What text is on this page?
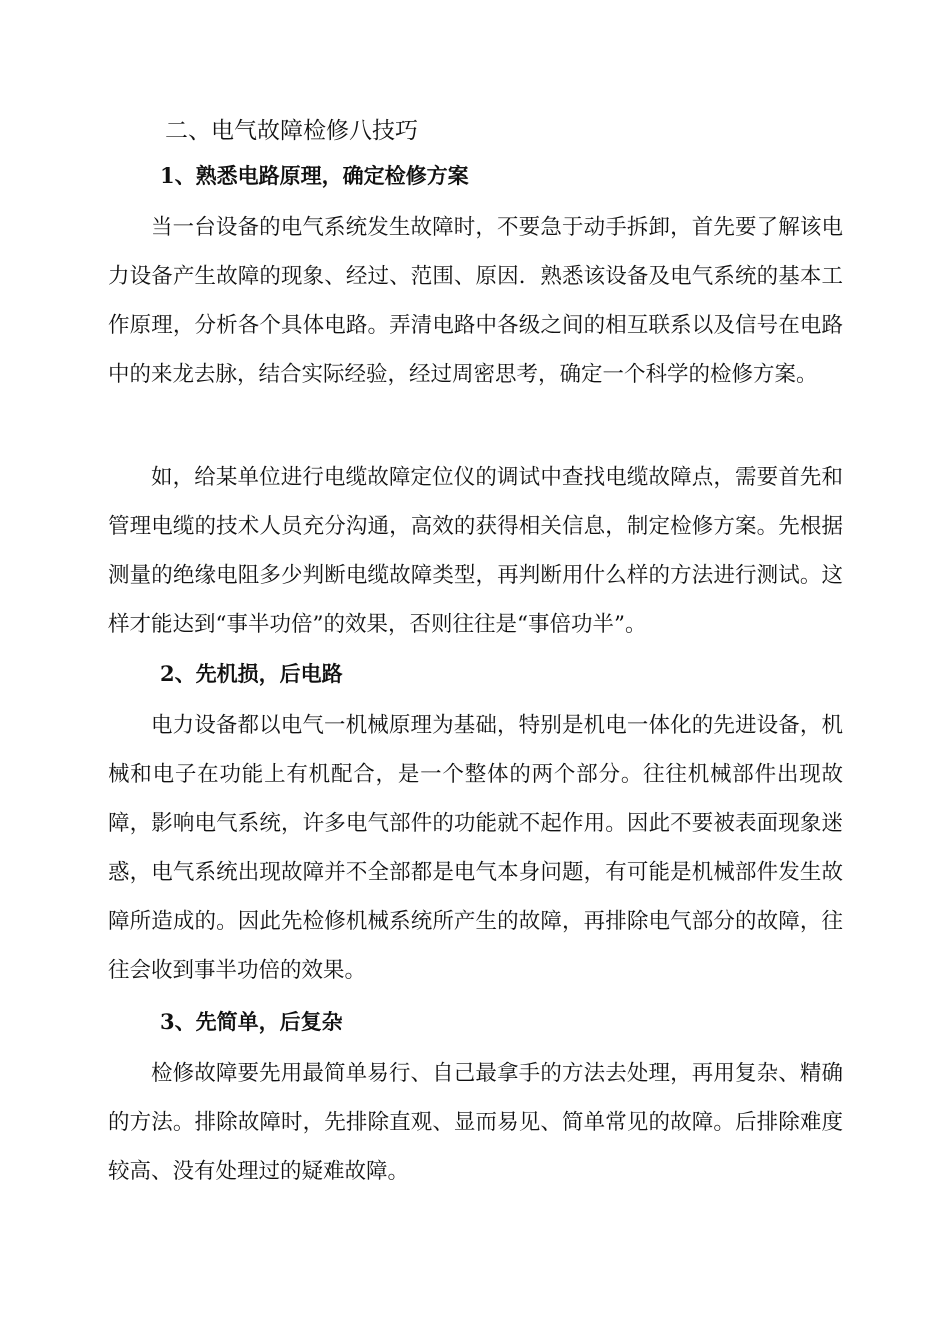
二、电气故障检修八技巧
1、熟悉电路原理，确定检修方案

当一台设备的电气系统发生故障时，不要急于动手拆卸，首先要了解该电力设备产生故障的现象、经过、范围、原因．熟悉该设备及电气系统的基本工作原理，分析各个具体电路。弄清电路中各级之间的相互联系以及信号在电路中的来龙去脉，结合实际经验，经过周密思考，确定一个科学的检修方案。

如，给某单位进行电缆故障定位仪的调试中查找电缆故障点，需要首先和管理电缆的技术人员充分沟通，高效的获得相关信息，制定检修方案。先根据测量的绝缘电阻多少判断电缆故障类型，再判断用什么样的方法进行测试。这样才能达到“事半功倍”的效果，否则往往是“事倍功半”。

2、先机损，后电路

电力设备都以电气一机械原理为基础，特别是机电一体化的先进设备，机械和电子在功能上有机配合，是一个整体的两个部分。往往机械部件出现故障，影响电气系统，许多电气部件的功能就不起作用。因此不要被表面现象迷惑，电气系统出现故障并不全部都是电气本身问题，有可能是机械部件发生故障所造成的。因此先检修机械系统所产生的故障，再排除电气部分的故障，往往会收到事半功倍的效果。

3、先简单，后复杂

检修故障要先用最简单易行、自己最拿手的方法去处理，再用复杂、精确的方法。排除故障时，先排除直观、显而易见、简单常见的故障。后排除难度较高、没有处理过的疑难故障。
